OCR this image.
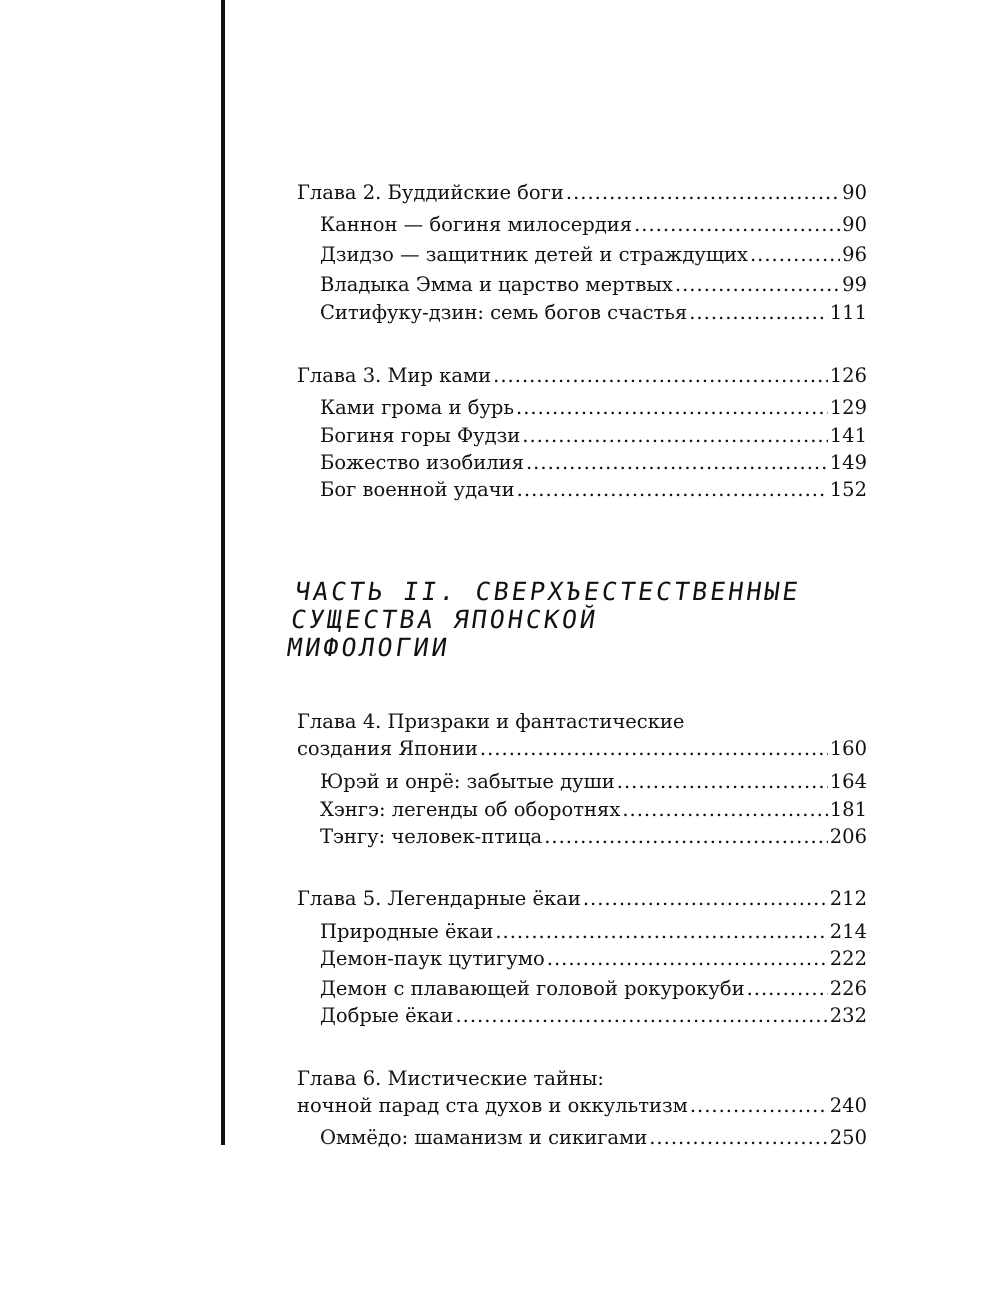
Глава 2. Буддийские боги .....	90
Каннон — богиня милосердия .....	90
Дзидзо — защитник детей и страждущих .....	96
Владыка Эмма и царство мертвых .....	99
Ситифуку-дзин: семь богов счастья .....	111
Глава 3. Мир ками .....	126
Ками грома и бурь .....	129
Богиня горы Фудзи .....	141
Божество изобилия .....	149
Бог военной удачи .....	152
ЧАСТЬ II. СВЕРХЪЕСТЕСТВЕННЫЕ
СУЩЕСТВА ЯПОНСКОЙ
МИФОЛОГИИ
Глава 4. Призраки и фантастические
создания Японии .....	160
Юрэй и онрё: забытые души .....	164
Хэнгэ: легенды об оборотнях .....	181
Тэнгу: человек-птица .....	206
Глава 5. Легендарные ёкаи .....	212
Природные ёкаи .....	214
Демон-паук цутигумо .....	222
Демон с плавающей головой рокурокуби .....	226
Добрые ёкаи .....	232
Глава 6. Мистические тайны:
ночной парад ста духов и оккультизм .....	240
Оммёдо: шаманизм и сикигами .....	250
